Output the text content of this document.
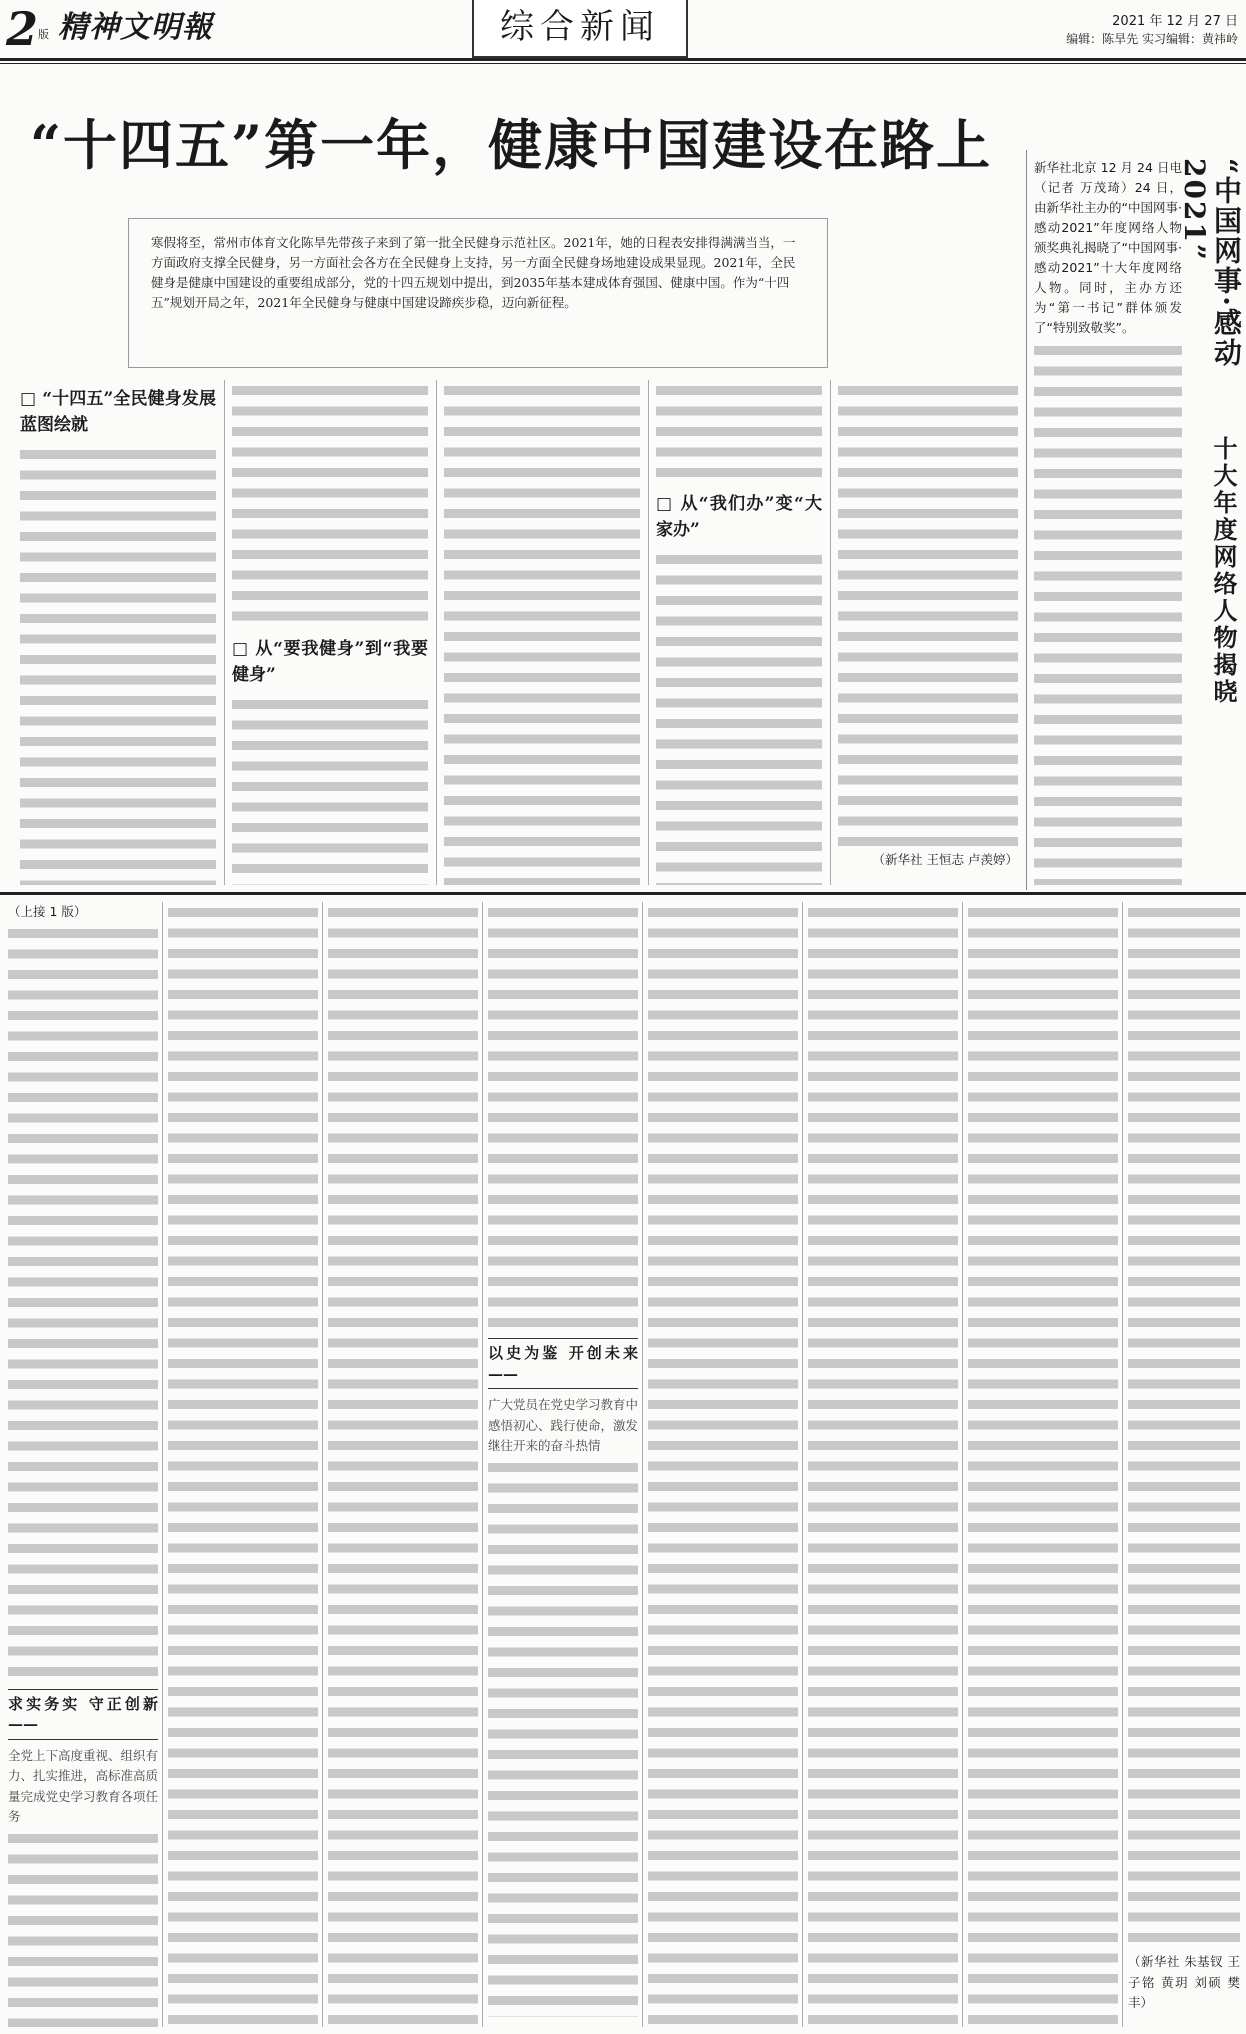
2 版 精神文明報	综合新闻	2021 年 12 月 27 日
编辑：陈旱先 实习编辑：黄祎岭
“十四五”第一年，健康中国建设在路上
寒假将至，常州市体育文化陈旱先带孩子来到了第一批全民健身示范社区。2021年，她的日程表安排得满满当当，一方面政府支撑全民健身，另一方面社会各方在全民健身上支持，另一方面全民健身场地建设成果显现。2021年，全民健身是健康中国建设的重要组成部分，党的十四五规划中提出，到2035年基本建成体育强国、健康中国。作为“十四五”规划开局之年，2021年全民健身与健康中国建设蹄疾步稳，迈向新征程。	“中国网事·感动2021”
十大年度网络人物揭晓
新华社北京 12 月 24 日电（记者 万茂琦）24 日，由新华社主办的“中国网事·感动2021”年度网络人物颁奖典礼揭晓了“中国网事·感动2021”十大年度网络人物。同时，主办方还为“第一书记”群体颁发了“特别致敬奖”。
□ “十四五”全民健身发展蓝图绘就
□ 从“要我健身”到“我要健身”
□ 从“我们办”变“大家办”
（新华社 王恒志 卢羡婷）
（上接 1 版）
求实务实 守正创新——
全党上下高度重视、组织有力、扎实推进，高标准高质量完成党史学习教育各项任务
以史为鉴 开创未来——
广大党员在党史学习教育中感悟初心、践行使命，激发继往开来的奋斗热情
（新华社 朱基钗 王子铭 黄玥 刘硕 樊丰）
